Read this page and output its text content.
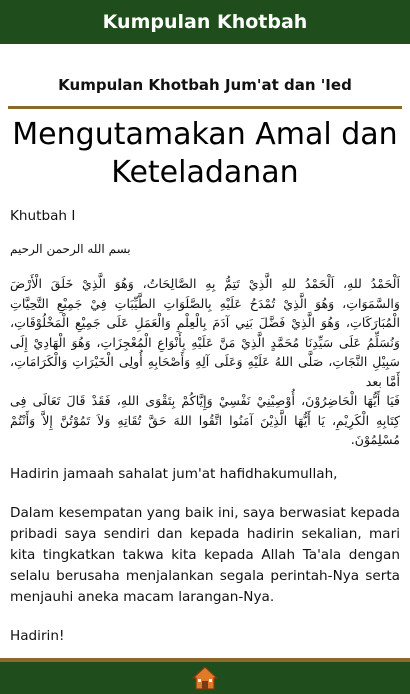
Kumpulan Khotbah
Kumpulan Khotbah Jum'at dan 'Ied
Mengutamakan Amal dan Keteladanan
Khutbah I
بسم الله الرحمن الرحيم
اَلْحَمْدُ للهِ، اَلْحَمْدُ للهِ الَّذِيْ تَتِمُّ بِهِ الصَّالِحَاتُ، وَهُوَ الَّذِيْ خَلَقَ الْأَرْضَ وَالسَّمَوَاتِ، وَهُوَ الَّذِيْ تُمْدَحُ عَلَيْهِ بِالصَّلَوَاتِ الطَّيِّبَاتِ فِيْ جَمِيْعِ التَّحِيَّاتِ الْمُبَارَكَاتِ، وَهُوَ الَّذِيْ فَضَّلَ بَنِي آدَمَ بِالْعِلْمِ وَالْعَمَلِ عَلَى جَمِيْعِ الْمَخْلُوْقَاتِ، وَنُسَلِّمُ عَلَى سَيِّدِنَا مُحَمَّدٍ الَّذِيْ مَنَّ عَلَيْهِ بِأَنْوَاعِ الْمُعْجِزَاتِ، وَهُوَ الْهَادِيْ إِلَى سَبِيْلِ النَّجَاتِ، صَلَّى اللهُ عَلَيْهِ وَعَلَى آلِهِ وَأَصْحَابِهِ أُولِى الْخَيْرَاتِ وَالْكَرَامَاتِ، أَمَّا بعد
فَيَا أَيُّهَا الْحَاضِرُوْنَ، أُوْصِيْنِيْ نَفْسِيْ وَإِيَّاكُمْ بِتَقْوَى اللهِ، فَقَدْ قَالَ تَعَالَى فِى كِتَابِهِ الْكَرِيْمِ، يَا أَيُّهَا الَّذِيْنَ آمَنُوا اتَّقُوا اللهَ حَقَّ تُقَاتِهِ وَلاَ تَمُوْتُنَّ إِلاَّ وَأَنْتُمْ مُسْلِمُوْنَ.

Hadirin jamaah sahalat jum'at hafidhakumullah,

Dalam kesempatan yang baik ini, saya berwasiat kepada pribadi saya sendiri dan kepada hadirin sekalian, mari kita tingkatkan takwa kita kepada Allah Ta'ala dengan selalu berusaha menjalankan segala perintah-Nya serta menjauhi aneka macam larangan-Nya.

Hadirin!
